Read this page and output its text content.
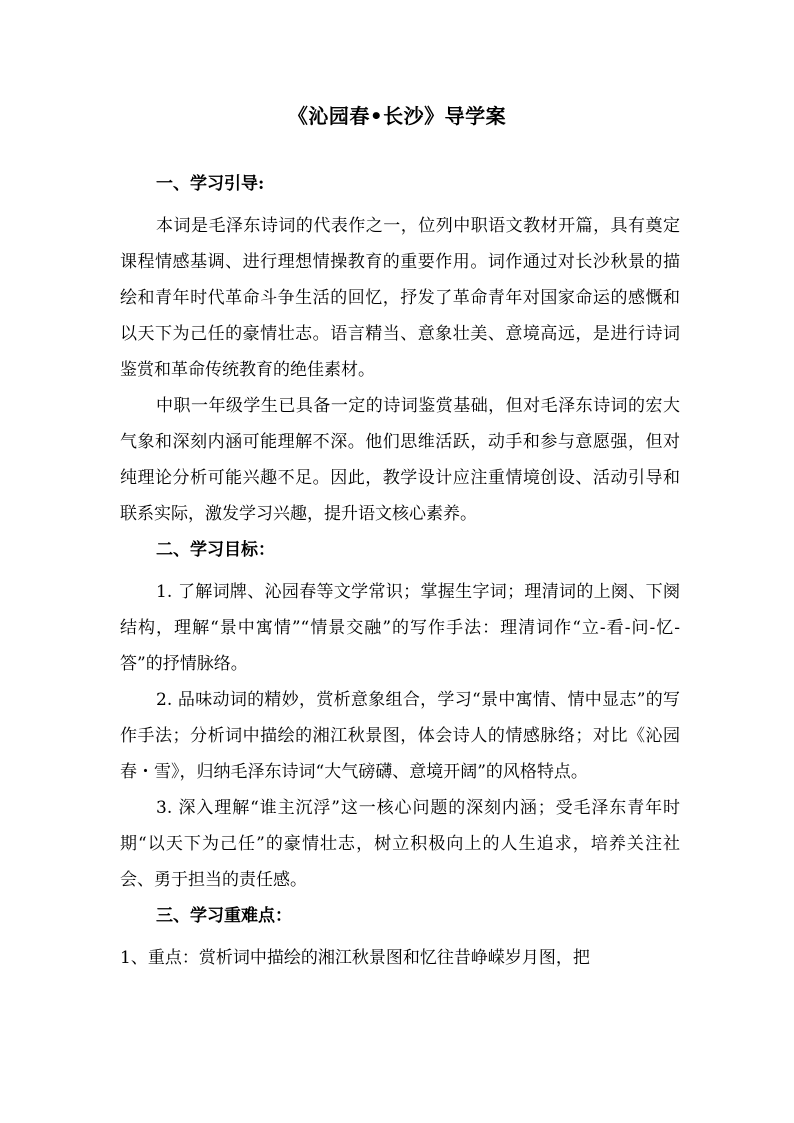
《沁园春•长沙》导学案
一、学习引导:

本词是毛泽东诗词的代表作之一，位列中职语文教材开篇，具有奠定课程情感基调、进行理想情操教育的重要作用。词作通过对长沙秋景的描绘和青年时代革命斗争生活的回忆，抒发了革命青年对国家命运的感慨和以天下为己任的豪情壮志。语言精当、意象壮美、意境高远，是进行诗词鉴赏和革命传统教育的绝佳素材。

中职一年级学生已具备一定的诗词鉴赏基础，但对毛泽东诗词的宏大气象和深刻内涵可能理解不深。他们思维活跃，动手和参与意愿强，但对纯理论分析可能兴趣不足。因此，教学设计应注重情境创设、活动引导和联系实际，激发学习兴趣，提升语文核心素养。

二、学习目标：

1. 了解词牌、沁园春等文学常识；掌握生字词；理清词的上阕、下阕结构，理解“景中寓情”“情景交融”的写作手法：理清词作“立-看-问-忆-答”的抒情脉络。

2. 品味动词的精妙，赏析意象组合，学习“景中寓情、情中显志”的写作手法；分析词中描绘的湘江秋景图，体会诗人的情感脉络；对比《沁园春・雪》，归纳毛泽东诗词“大气磅礴、意境开阔”的风格特点。

3. 深入理解“谁主沉浮”这一核心问题的深刻内涵；受毛泽东青年时期“以天下为己任”的豪情壮志，树立积极向上的人生追求，培养关注社会、勇于担当的责任感。

三、学习重难点：

1、重点：赏析词中描绘的湘江秋景图和忆往昔峥嵘岁月图，把
